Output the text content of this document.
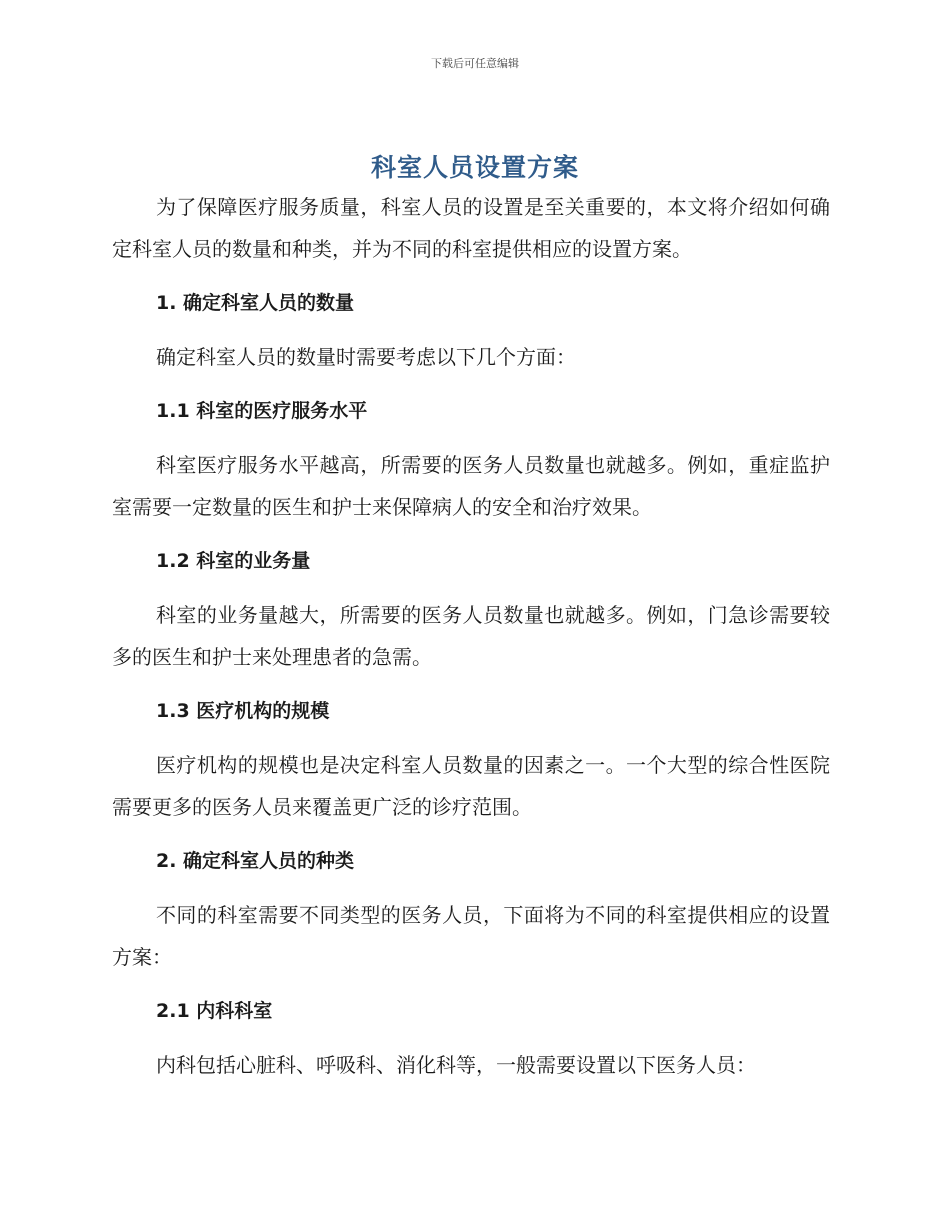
下载后可任意编辑
科室人员设置方案

为了保障医疗服务质量，科室人员的设置是至关重要的，本文将介绍如何确定科室人员的数量和种类，并为不同的科室提供相应的设置方案。

1. 确定科室人员的数量

确定科室人员的数量时需要考虑以下几个方面：

1.1 科室的医疗服务水平

科室医疗服务水平越高，所需要的医务人员数量也就越多。例如，重症监护室需要一定数量的医生和护士来保障病人的安全和治疗效果。

1.2 科室的业务量

科室的业务量越大，所需要的医务人员数量也就越多。例如，门急诊需要较多的医生和护士来处理患者的急需。

1.3 医疗机构的规模

医疗机构的规模也是决定科室人员数量的因素之一。一个大型的综合性医院需要更多的医务人员来覆盖更广泛的诊疗范围。

2. 确定科室人员的种类

不同的科室需要不同类型的医务人员，下面将为不同的科室提供相应的设置方案：

2.1 内科科室

内科包括心脏科、呼吸科、消化科等，一般需要设置以下医务人员：
